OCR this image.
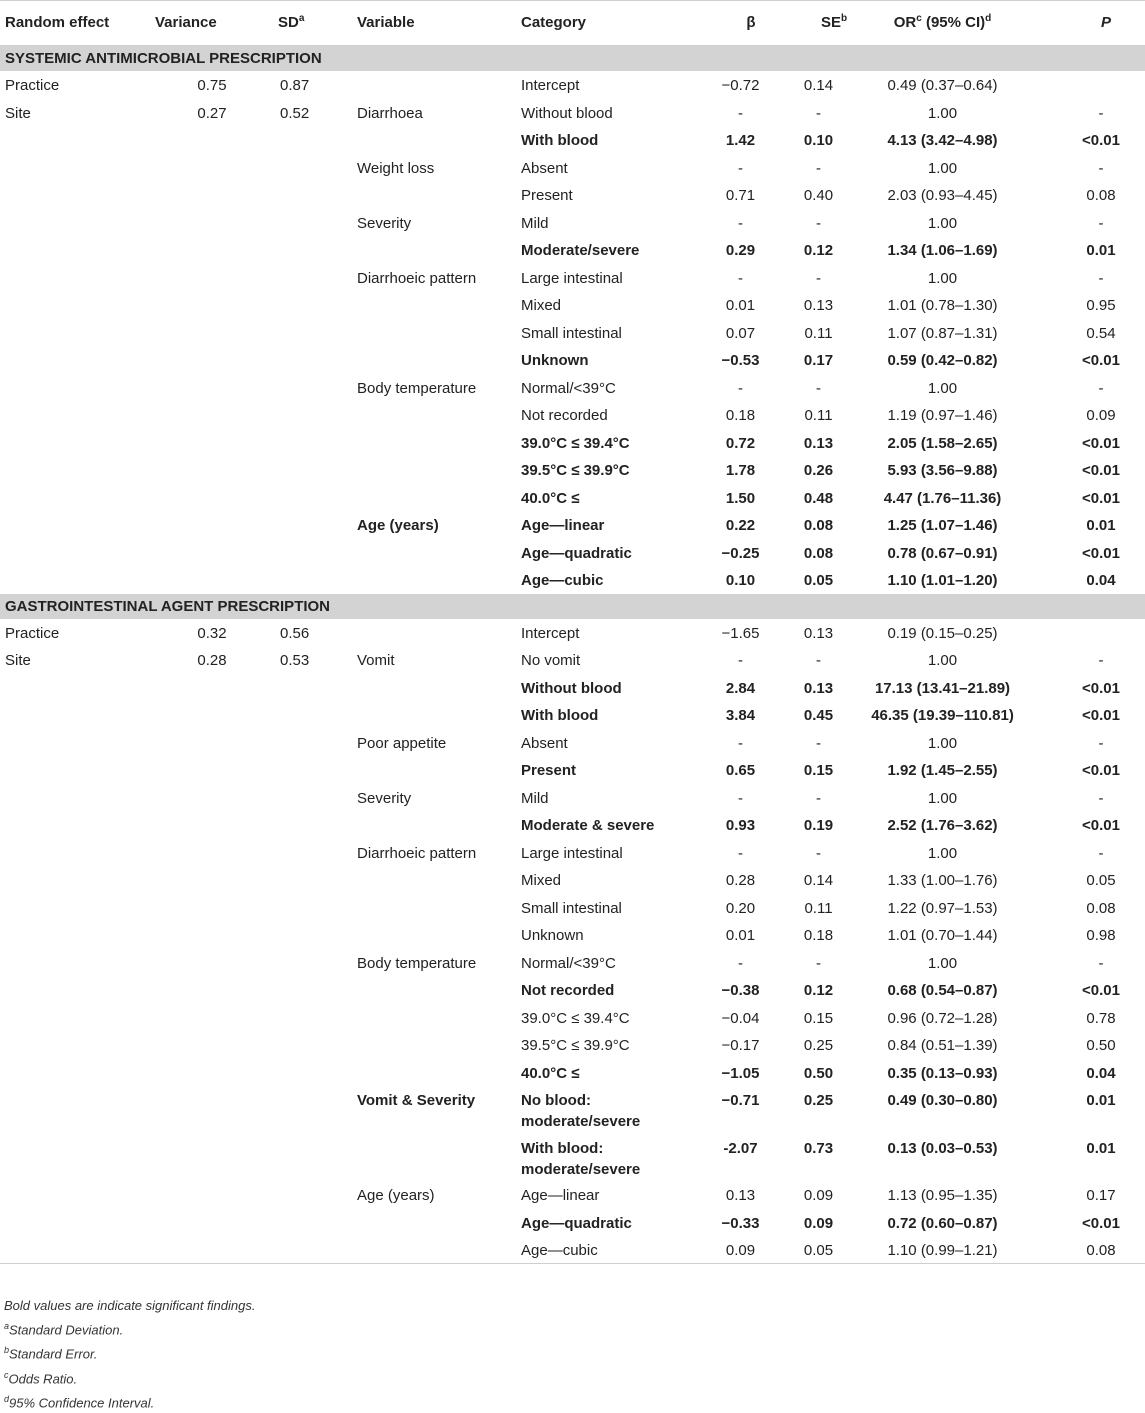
Random effect	Variance	$SD^a$	Variable	Category	β	$SE^b$	$OR^c$ (95% CI)$^d$	P
SYSTEMIC ANTIMICROBIAL PRESCRIPTION								
Practice	0.75	0.87		Intercept	−0.72	0.14	0.49 (0.37–0.64)	
Site	0.27	0.52	Diarrhoea	Without blood	-	-	1.00	-
				With blood	1.42	0.10	4.13 (3.42–4.98)	<0.01
			Weight loss	Absent	-	-	1.00	-
				Present	0.71	0.40	2.03 (0.93–4.45)	0.08
			Severity	Mild	-	-	1.00	-
				Moderate/severe	0.29	0.12	1.34 (1.06–1.69)	0.01
			Diarrhoeic pattern	Large intestinal	-	-	1.00	-
				Mixed	0.01	0.13	1.01 (0.78–1.30)	0.95
				Small intestinal	0.07	0.11	1.07 (0.87–1.31)	0.54
				Unknown	−0.53	0.17	0.59 (0.42–0.82)	<0.01
			Body temperature	Normal/<39°C	-	-	1.00	-
				Not recorded	0.18	0.11	1.19 (0.97–1.46)	0.09
				39.0°C ≤ 39.4°C	0.72	0.13	2.05 (1.58–2.65)	<0.01
				39.5°C ≤ 39.9°C	1.78	0.26	5.93 (3.56–9.88)	<0.01
				40.0°C ≤	1.50	0.48	4.47 (1.76–11.36)	<0.01
			Age (years)	Age—linear	0.22	0.08	1.25 (1.07–1.46)	0.01
				Age—quadratic	−0.25	0.08	0.78 (0.67–0.91)	<0.01
				Age—cubic	0.10	0.05	1.10 (1.01–1.20)	0.04
GASTROINTESTINAL AGENT PRESCRIPTION								
Practice	0.32	0.56		Intercept	−1.65	0.13	0.19 (0.15–0.25)	
Site	0.28	0.53	Vomit	No vomit	-	-	1.00	-
				Without blood	2.84	0.13	17.13 (13.41–21.89)	<0.01
				With blood	3.84	0.45	46.35 (19.39–110.81)	<0.01
			Poor appetite	Absent	-	-	1.00	-
				Present	0.65	0.15	1.92 (1.45–2.55)	<0.01
			Severity	Mild	-	-	1.00	-
				Moderate & severe	0.93	0.19	2.52 (1.76–3.62)	<0.01
			Diarrhoeic pattern	Large intestinal	-	-	1.00	-
				Mixed	0.28	0.14	1.33 (1.00–1.76)	0.05
				Small intestinal	0.20	0.11	1.22 (0.97–1.53)	0.08
				Unknown	0.01	0.18	1.01 (0.70–1.44)	0.98
			Body temperature	Normal/<39°C	-	-	1.00	-
				Not recorded	−0.38	0.12	0.68 (0.54–0.87)	<0.01
				39.0°C ≤ 39.4°C	−0.04	0.15	0.96 (0.72–1.28)	0.78
				39.5°C ≤ 39.9°C	−0.17	0.25	0.84 (0.51–1.39)	0.50
				40.0°C ≤	−1.05	0.50	0.35 (0.13–0.93)	0.04
			Vomit & Severity	No blood:
moderate/severe	−0.71	0.25	0.49 (0.30–0.80)	0.01

				With blood:
moderate/severe	-2.07	0.73	0.13 (0.03–0.53)	0.01
			Age (years)	Age—linear	0.13	0.09	1.13 (0.95–1.35)	0.17
				Age—quadratic	−0.33	0.09	0.72 (0.60–0.87)	<0.01
				Age—cubic	0.09	0.05	1.10 (0.99–1.21)	0.08
Bold values are indicate significant findings.
$^a$Standard Deviation.
$^b$Standard Error.
$^c$Odds Ratio.
$^d$95% Confidence Interval.
